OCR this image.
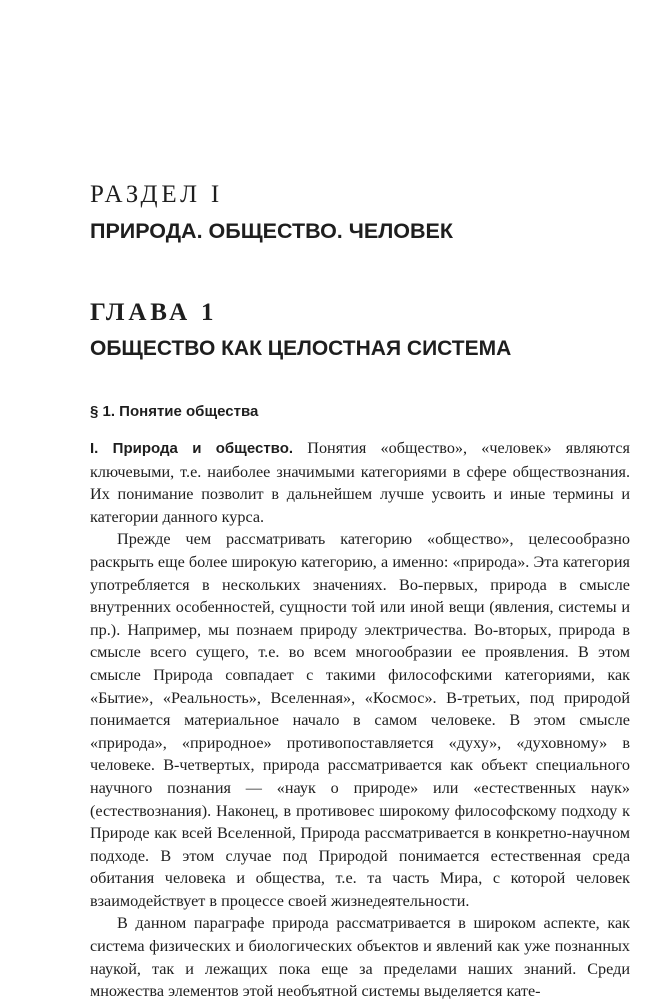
РАЗДЕЛ I
ПРИРОДА. ОБЩЕСТВО. ЧЕЛОВЕК
ГЛАВА 1
ОБЩЕСТВО КАК ЦЕЛОСТНАЯ СИСТЕМА
§ 1. Понятие общества

I. Природа и общество. Понятия «общество», «человек» являются ключевыми, т.е. наиболее значимыми категориями в сфере обществознания. Их понимание позволит в дальнейшем лучше усвоить и иные термины и категории данного курса.

Прежде чем рассматривать категорию «общество», целесообразно раскрыть еще более широкую категорию, а именно: «природа». Эта категория употребляется в нескольких значениях. Во-первых, природа в смысле внутренних особенностей, сущности той или иной вещи (явления, системы и пр.). Например, мы познаем природу электричества. Во-вторых, природа в смысле всего сущего, т.е. во всем многообразии ее проявления. В этом смысле Природа совпадает с такими философскими категориями, как «Бытие», «Реальность», Вселенная», «Космос». В-третьих, под природой понимается материальное начало в самом человеке. В этом смысле «природа», «природное» противопоставляется «духу», «духовному» в человеке. В-четвертых, природа рассматривается как объект специального научного познания — «наук о природе» или «естественных наук» (естествознания). Наконец, в противовес широкому философскому подходу к Природе как всей Вселенной, Природа рассматривается в конкретно-научном подходе. В этом случае под Природой понимается естественная среда обитания человека и общества, т.е. та часть Мира, с которой человек взаимодействует в процессе своей жизнедеятельности.

В данном параграфе природа рассматривается в широком аспекте, как система физических и биологических объектов и явлений как уже познанных наукой, так и лежащих пока еще за пределами наших знаний. Среди множества элементов этой необъятной системы выделяется кате-
